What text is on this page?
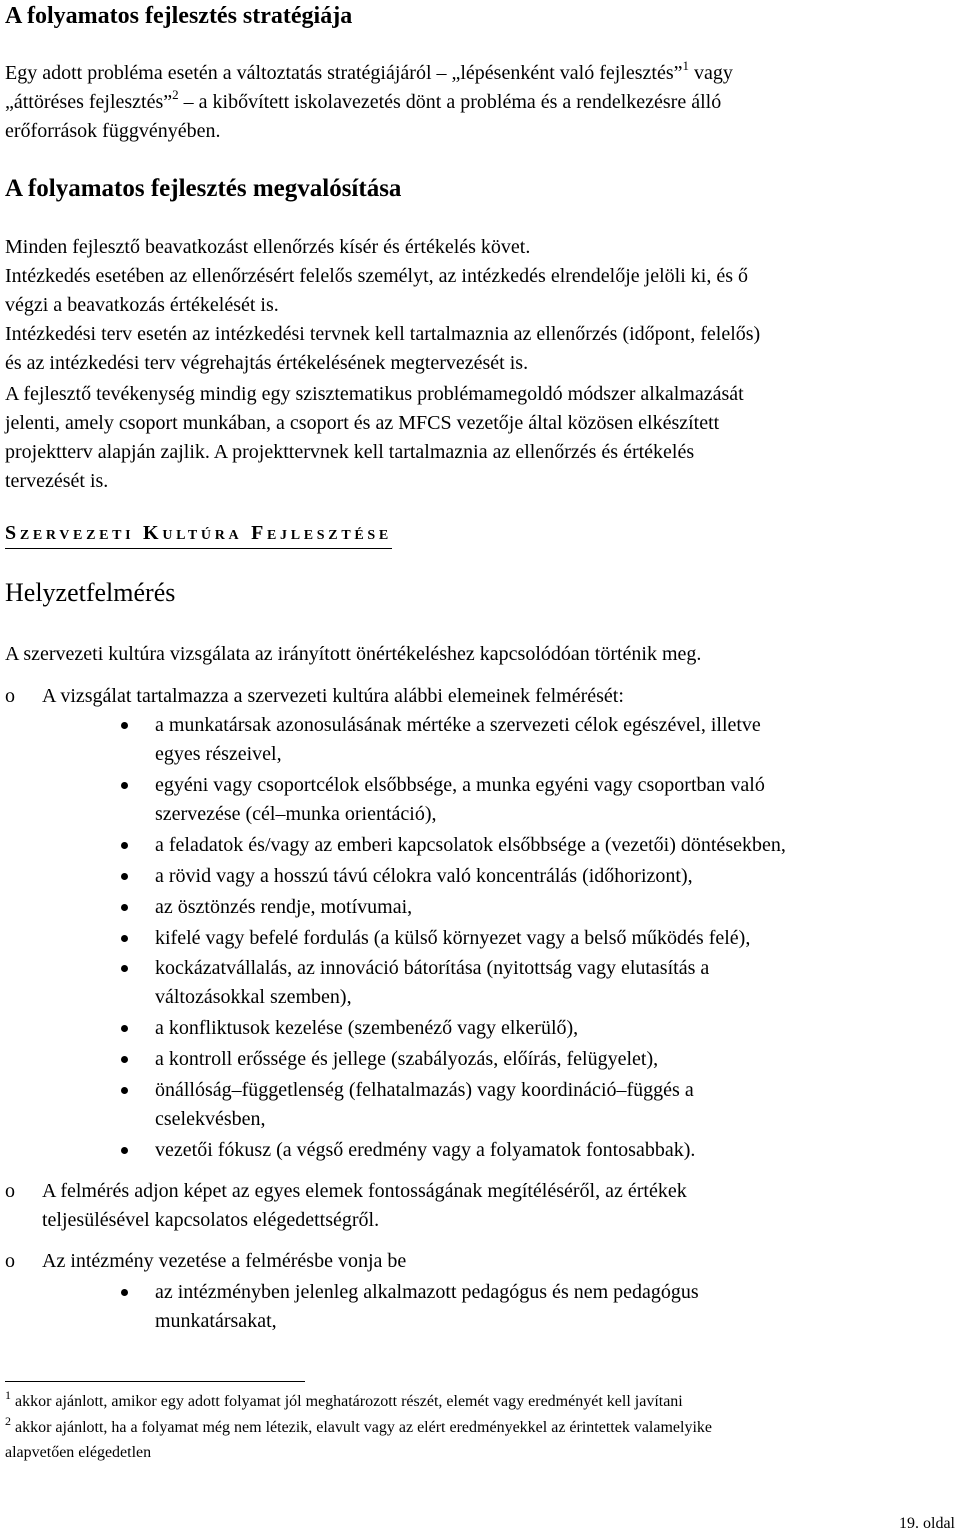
A folyamatos fejlesztés stratégiája
Egy adott probléma esetén a változtatás stratégiájáról – „lépésenként való fejlesztés”$^1$ vagy
„áttöréses fejlesztés”$^2$ – a kibővített iskolavezetés dönt a probléma és a rendelkezésre álló
erőforrások függvényében.
A folyamatos fejlesztés megvalósítása
Minden fejlesztő beavatkozást ellenőrzés kísér és értékelés követ.
Intézkedés esetében az ellenőrzésért felelős személyt, az intézkedés elrendelője jelöli ki, és ő
végzi a beavatkozás értékelését is.
Intézkedési terv esetén az intézkedési tervnek kell tartalmaznia az ellenőrzés (időpont, felelős)
és az intézkedési terv végrehajtás értékelésének megtervezését is.
A fejlesztő tevékenység mindig egy szisztematikus problémamegoldó módszer alkalmazását
jelenti, amely csoport munkában, a csoport és az MFCS vezetője által közösen elkészített
projektterv alapján zajlik. A projekttervnek kell tartalmaznia az ellenőrzés és értékelés
tervezését is.
SZERVEZETI KULTÚRA FEJLESZTÉSE
Helyzetfelmérés
A szervezeti kultúra vizsgálata az irányított önértékeléshez kapcsolódóan történik meg.
o A vizsgálat tartalmazza a szervezeti kultúra alábbi elemeinek felmérését:
a munkatársak azonosulásának mértéke a szervezeti célok egészével, illetve
egyes részeivel,
egyéni vagy csoportcélok elsőbbsége, a munka egyéni vagy csoportban való
szervezése (cél–munka orientáció),
a feladatok és/vagy az emberi kapcsolatok elsőbbsége a (vezetői) döntésekben,
a rövid vagy a hosszú távú célokra való koncentrálás (időhorizont),
az ösztönzés rendje, motívumai,
kifelé vagy befelé fordulás (a külső környezet vagy a belső működés felé),
kockázatvállalás, az innováció bátorítása (nyitottság vagy elutasítás a
változásokkal szemben),
a konfliktusok kezelése (szembenéző vagy elkerülő),
a kontroll erőssége és jellege (szabályozás, előírás, felügyelet),
önállóság–függetlenség (felhatalmazás) vagy koordináció–függés a
cselekvésben,
vezetői fókusz (a végső eredmény vagy a folyamatok fontosabbak).
o A felmérés adjon képet az egyes elemek fontosságának megítéléséről, az értékek
teljesülésével kapcsolatos elégedettségről.
o Az intézmény vezetése a felmérésbe vonja be
az intézményben jelenleg alkalmazott pedagógus és nem pedagógus
munkatársakat,
$^1$ akkor ajánlott, amikor egy adott folyamat jól meghatározott részét, elemét vagy eredményét kell javítani
$^2$ akkor ajánlott, ha a folyamat még nem létezik, elavult vagy az elért eredményekkel az érintettek valamelyike
alapvetően elégedetlen
19. oldal
